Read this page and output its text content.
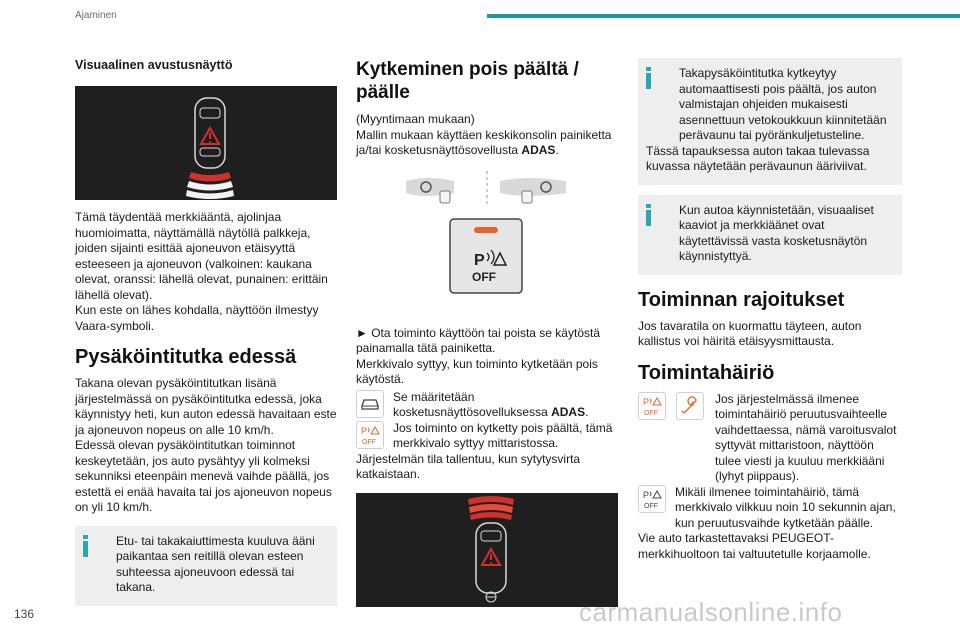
Ajaminen
Visuaalinen avustusnäyttö

Tämä täydentää merkkiääntä, ajolinjaa huomioimatta, näyttämällä näytöllä palkkeja, joiden sijainti esittää ajoneuvon etäisyyttä esteeseen ja ajoneuvon (valkoinen: kaukana olevat, oranssi: lähellä olevat, punainen: erittäin lähellä olevat).

Kun este on lähes kohdalla, näyttöön ilmestyy Vaara-symboli.

Pysäköintitutka edessä

Takana olevan pysäköintitutkan lisänä järjestelmässä on pysäköintitutka edessä, joka käynnistyy heti, kun auton edessä havaitaan este ja ajoneuvon nopeus on alle 10 km/h.

Edessä olevan pysäköintitutkan toiminnot keskeytetään, jos auto pysähtyy yli kolmeksi sekunniksi eteenpäin menevä vaihde päällä, jos estettä ei enää havaita tai jos ajoneuvon nopeus on yli 10 km/h.

Etu- tai takakaiuttimesta kuuluva ääni paikantaa sen reitillä olevan esteen suhteessa ajoneuvoon edessä tai takana.

Kytkeminen pois päältä / päälle

(Myyntimaan mukaan)

Mallin mukaan käyttäen keskikonsolin painiketta ja/tai kosketusnäyttösovellusta ADAS.

P
OFF

► Ota toiminto käyttöön tai poista se käytöstä painamalla tätä painiketta.

Merkkivalo syttyy, kun toiminto kytketään pois käytöstä.

Se määritetään kosketusnäyttösovelluksessa ADAS.

P
OFF

Jos toiminto on kytketty pois päältä, tämä merkkivalo syttyy mittaristossa.

Järjestelmän tila tallentuu, kun sytytysvirta katkaistaan.

Takapysäköintitutka kytkeytyy automaattisesti pois päältä, jos auton valmistajan ohjeiden mukaisesti asennettuun vetokoukkuun kiinnitetään perävaunu tai pyöränkuljetusteline.

Tässä tapauksessa auton takaa tulevassa kuvassa näytetään perävaunun ääriviivat.

Kun autoa käynnistetään, visuaaliset kaaviot ja merkkiäänet ovat käytettävissä vasta kosketusnäytön käynnistyttyä.

Toiminnan rajoitukset

Jos tavaratila on kuormattu täyteen, auton kallistus voi häiritä etäisyysmittausta.

Toimintahäiriö
P
OFF

Jos järjestelmässä ilmenee toimintahäiriö peruutusvaihteelle vaihdettaessa, nämä varoitusvalot syttyvät mittaristoon, näyttöön tulee viesti ja kuuluu merkkiääni (lyhyt piippaus).

P
OFF

Mikäli ilmenee toimintahäiriö, tämä merkkivalo vilkkuu noin 10 sekunnin ajan, kun peruutusvaihde kytketään päälle.

Vie auto tarkastettavaksi PEUGEOT-merkkihuoltoon tai valtuutetulle korjaamolle.

136	carmanualsonline.info
